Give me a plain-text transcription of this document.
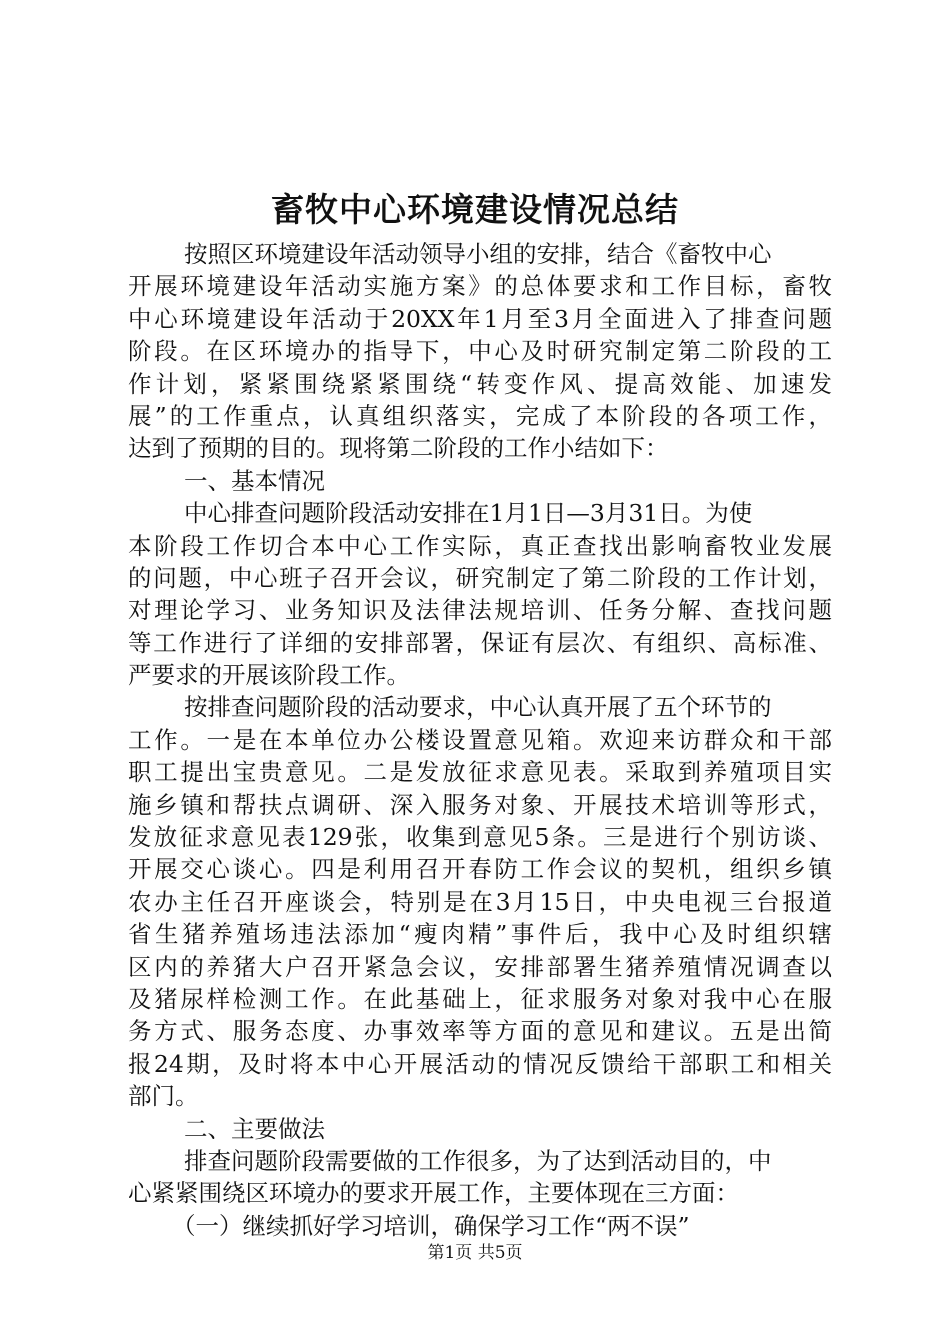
畜牧中心环境建设情况总结
按照区环境建设年活动领导小组的安排，结合《畜牧中心
开展环境建设年活动实施方案》的总体要求和工作目标，畜牧
中心环境建设年活动于20XX年1月至3月全面进入了排查问题
阶段。在区环境办的指导下，中心及时研究制定第二阶段的工
作计划，紧紧围绕紧紧围绕“转变作风、提高效能、加速发
展”的工作重点，认真组织落实，完成了本阶段的各项工作，
达到了预期的目的。现将第二阶段的工作小结如下：
一、基本情况
中心排查问题阶段活动安排在1月1日—3月31日。为使
本阶段工作切合本中心工作实际，真正查找出影响畜牧业发展
的问题，中心班子召开会议，研究制定了第二阶段的工作计划，
对理论学习、业务知识及法律法规培训、任务分解、查找问题
等工作进行了详细的安排部署，保证有层次、有组织、高标准、
严要求的开展该阶段工作。
按排查问题阶段的活动要求，中心认真开展了五个环节的
工作。一是在本单位办公楼设置意见箱。欢迎来访群众和干部
职工提出宝贵意见。二是发放征求意见表。采取到养殖项目实
施乡镇和帮扶点调研、深入服务对象、开展技术培训等形式，
发放征求意见表129张，收集到意见5条。三是进行个别访谈、
开展交心谈心。四是利用召开春防工作会议的契机，组织乡镇
农办主任召开座谈会，特别是在3月15日，中央电视三台报道
省生猪养殖场违法添加“瘦肉精”事件后，我中心及时组织辖
区内的养猪大户召开紧急会议，安排部署生猪养殖情况调查以
及猪尿样检测工作。在此基础上，征求服务对象对我中心在服
务方式、服务态度、办事效率等方面的意见和建议。五是出简
报24期，及时将本中心开展活动的情况反馈给干部职工和相关
部门。
二、主要做法
排查问题阶段需要做的工作很多，为了达到活动目的，中
心紧紧围绕区环境办的要求开展工作，主要体现在三方面：
（一）继续抓好学习培训，确保学习工作“两不误”
第1页 共5页
